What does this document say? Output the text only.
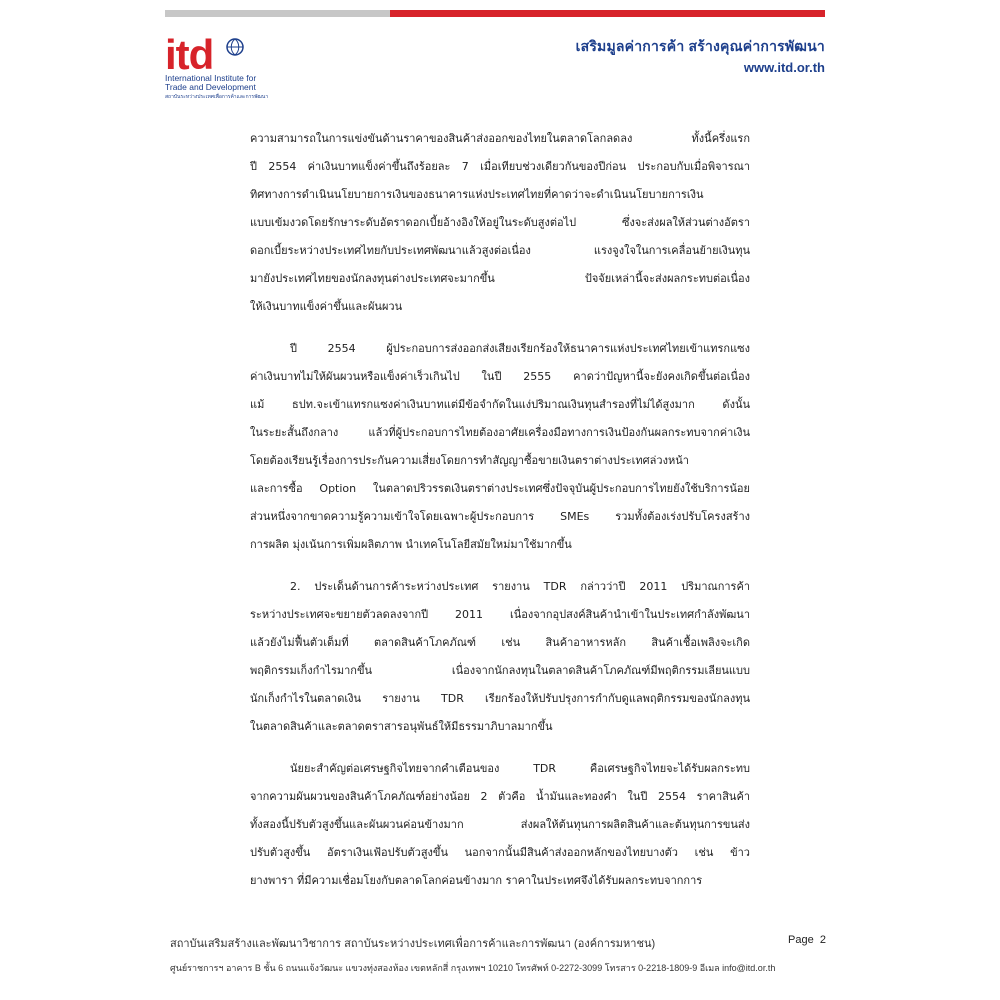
itd
International Institute for
Trade and Development
สถาบันระหว่างประเทศเพื่อการค้าและการพัฒนา
เสริมมูลค่าการค้า สร้างคุณค่าการพัฒนา
www.itd.or.th
ความสามารถในการแข่งขันด้านราคาของสินค้าส่งออกของไทยในตลาดโลกลดลง ทั้งนี้ครึ่งแรก
ปี 2554 ค่าเงินบาทแข็งค่าขึ้นถึงร้อยละ 7 เมื่อเทียบช่วงเดียวกันของปีก่อน ประกอบกับเมื่อพิจารณา
ทิศทางการดำเนินนโยบายการเงินของธนาคารแห่งประเทศไทยที่คาดว่าจะดำเนินนโยบายการเงิน
แบบเข้มงวดโดยรักษาระดับอัตราดอกเบี้ยอ้างอิงให้อยู่ในระดับสูงต่อไป ซึ่งจะส่งผลให้ส่วนต่างอัตรา
ดอกเบี้ยระหว่างประเทศไทยกับประเทศพัฒนาแล้วสูงต่อเนื่อง แรงจูงใจในการเคลื่อนย้ายเงินทุน
มายังประเทศไทยของนักลงทุนต่างประเทศจะมากขึ้น ปัจจัยเหล่านี้จะส่งผลกระทบต่อเนื่อง
ให้เงินบาทแข็งค่าขึ้นและผันผวน
ปี 2554 ผู้ประกอบการส่งออกส่งเสียงเรียกร้องให้ธนาคารแห่งประเทศไทยเข้าแทรกแซง
ค่าเงินบาทไม่ให้ผันผวนหรือแข็งค่าเร็วเกินไป ในปี 2555 คาดว่าปัญหานี้จะยังคงเกิดขึ้นต่อเนื่อง
แม้ ธปท.จะเข้าแทรกแซงค่าเงินบาทแต่มีข้อจำกัดในแง่ปริมาณเงินทุนสำรองที่ไม่ได้สูงมาก ดังนั้น
ในระยะสั้นถึงกลาง แล้วที่ผู้ประกอบการไทยต้องอาศัยเครื่องมือทางการเงินป้องกันผลกระทบจากค่าเงิน
โดยต้องเรียนรู้เรื่องการประกันความเสี่ยงโดยการทำสัญญาซื้อขายเงินตราต่างประเทศล่วงหน้า
และการซื้อ Option ในตลาดปริวรรตเงินตราต่างประเทศซึ่งปัจจุบันผู้ประกอบการไทยยังใช้บริการน้อย
ส่วนหนึ่งจากขาดความรู้ความเข้าใจโดยเฉพาะผู้ประกอบการ SMEs รวมทั้งต้องเร่งปรับโครงสร้าง
การผลิต มุ่งเน้นการเพิ่มผลิตภาพ นำเทคโนโลยีสมัยใหม่มาใช้มากขึ้น
2. ประเด็นด้านการค้าระหว่างประเทศ รายงาน TDR กล่าวว่าปี 2011 ปริมาณการค้า
ระหว่างประเทศจะขยายตัวลดลงจากปี 2011 เนื่องจากอุปสงค์สินค้านำเข้าในประเทศกำลังพัฒนา
แล้วยังไม่ฟื้นตัวเต็มที่ ตลาดสินค้าโภคภัณฑ์ เช่น สินค้าอาหารหลัก สินค้าเชื้อเพลิงจะเกิด
พฤติกรรมเก็งกำไรมากขึ้น เนื่องจากนักลงทุนในตลาดสินค้าโภคภัณฑ์มีพฤติกรรมเลียนแบบ
นักเก็งกำไรในตลาดเงิน รายงาน TDR เรียกร้องให้ปรับปรุงการกำกับดูแลพฤติกรรมของนักลงทุน
ในตลาดสินค้าและตลาดตราสารอนุพันธ์ให้มีธรรมาภิบาลมากขึ้น
นัยยะสำคัญต่อเศรษฐกิจไทยจากคำเตือนของ TDR คือเศรษฐกิจไทยจะได้รับผลกระทบ
จากความผันผวนของสินค้าโภคภัณฑ์อย่างน้อย 2 ตัวคือ น้ำมันและทองคำ ในปี 2554 ราคาสินค้า
ทั้งสองนี้ปรับตัวสูงขึ้นและผันผวนค่อนข้างมาก ส่งผลให้ต้นทุนการผลิตสินค้าและต้นทุนการขนส่ง
ปรับตัวสูงขึ้น อัตราเงินเฟ้อปรับตัวสูงขึ้น นอกจากนั้นมีสินค้าส่งออกหลักของไทยบางตัว เช่น ข้าว
ยางพารา ที่มีความเชื่อมโยงกับตลาดโลกค่อนข้างมาก ราคาในประเทศจึงได้รับผลกระทบจากการ
สถาบันเสริมสร้างและพัฒนาวิชาการ สถาบันระหว่างประเทศเพื่อการค้าและการพัฒนา (องค์การมหาชน)	Page 2
ศูนย์ราชการฯ อาคาร B ชั้น 6 ถนนแจ้งวัฒนะ แขวงทุ่งสองห้อง เขตหลักสี่ กรุงเทพฯ 10210 โทรศัพท์ 0-2272-3099 โทรสาร 0-2218-1809-9 อีเมล info@itd.or.th
